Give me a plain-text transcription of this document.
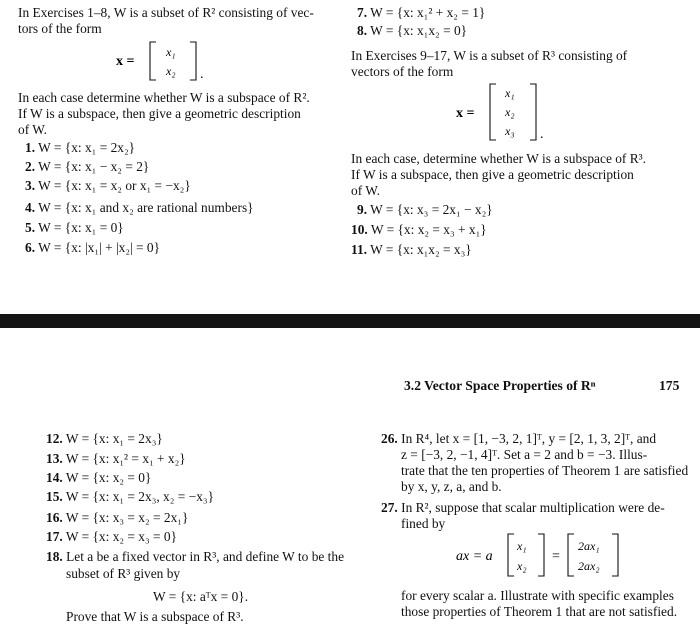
In Exercises 1–8, W is a subset of R² consisting of vec-
tors of the form
x =
x₁
x₂ .
In each case determine whether W is a subspace of R².
If W is a subspace, then give a geometric description
of W.
1. W = {x: x₁ = 2x₂}
2. W = {x: x₁ − x₂ = 2}
3. W = {x: x₁ = x₂ or x₁ = −x₂}
4. W = {x: x₁ and x₂ are rational numbers}
5. W = {x: x₁ = 0}
6. W = {x: |x₁| + |x₂| = 0}
7. W = {x: x₁² + x₂ = 1}
8. W = {x: x₁x₂ = 0}
In Exercises 9–17, W is a subset of R³ consisting of
vectors of the form
x =
x₁
x₂
x₃ .
In each case, determine whether W is a subspace of R³.
If W is a subspace, then give a geometric description
of W.
9. W = {x: x₃ = 2x₁ − x₂}
10. W = {x: x₂ = x₃ + x₁}
11. W = {x: x₁x₂ = x₃}
3.2 Vector Space Properties of Rⁿ	175
12. W = {x: x₁ = 2x₃}
13. W = {x: x₁² = x₁ + x₂}
14. W = {x: x₂ = 0}
15. W = {x: x₁ = 2x₃, x₂ = −x₃}
16. W = {x: x₃ = x₂ = 2x₁}
17. W = {x: x₂ = x₃ = 0}
18. Let a be a fixed vector in R³, and define W to be the
subset of R³ given by
W = {x: aᵀx = 0}.
Prove that W is a subspace of R³.
26. In R⁴, let x = [1, −3, 2, 1]ᵀ, y = [2, 1, 3, 2]ᵀ, and
z = [−3, 2, −1, 4]ᵀ. Set a = 2 and b = −3. Illus-
trate that the ten properties of Theorem 1 are satisfied
by x, y, z, a, and b.
27. In R², suppose that scalar multiplication were de-
fined by
ax = a
x₁
x₂
=
2ax₁
2ax₂
for every scalar a. Illustrate with specific examples
those properties of Theorem 1 that are not satisfied.
